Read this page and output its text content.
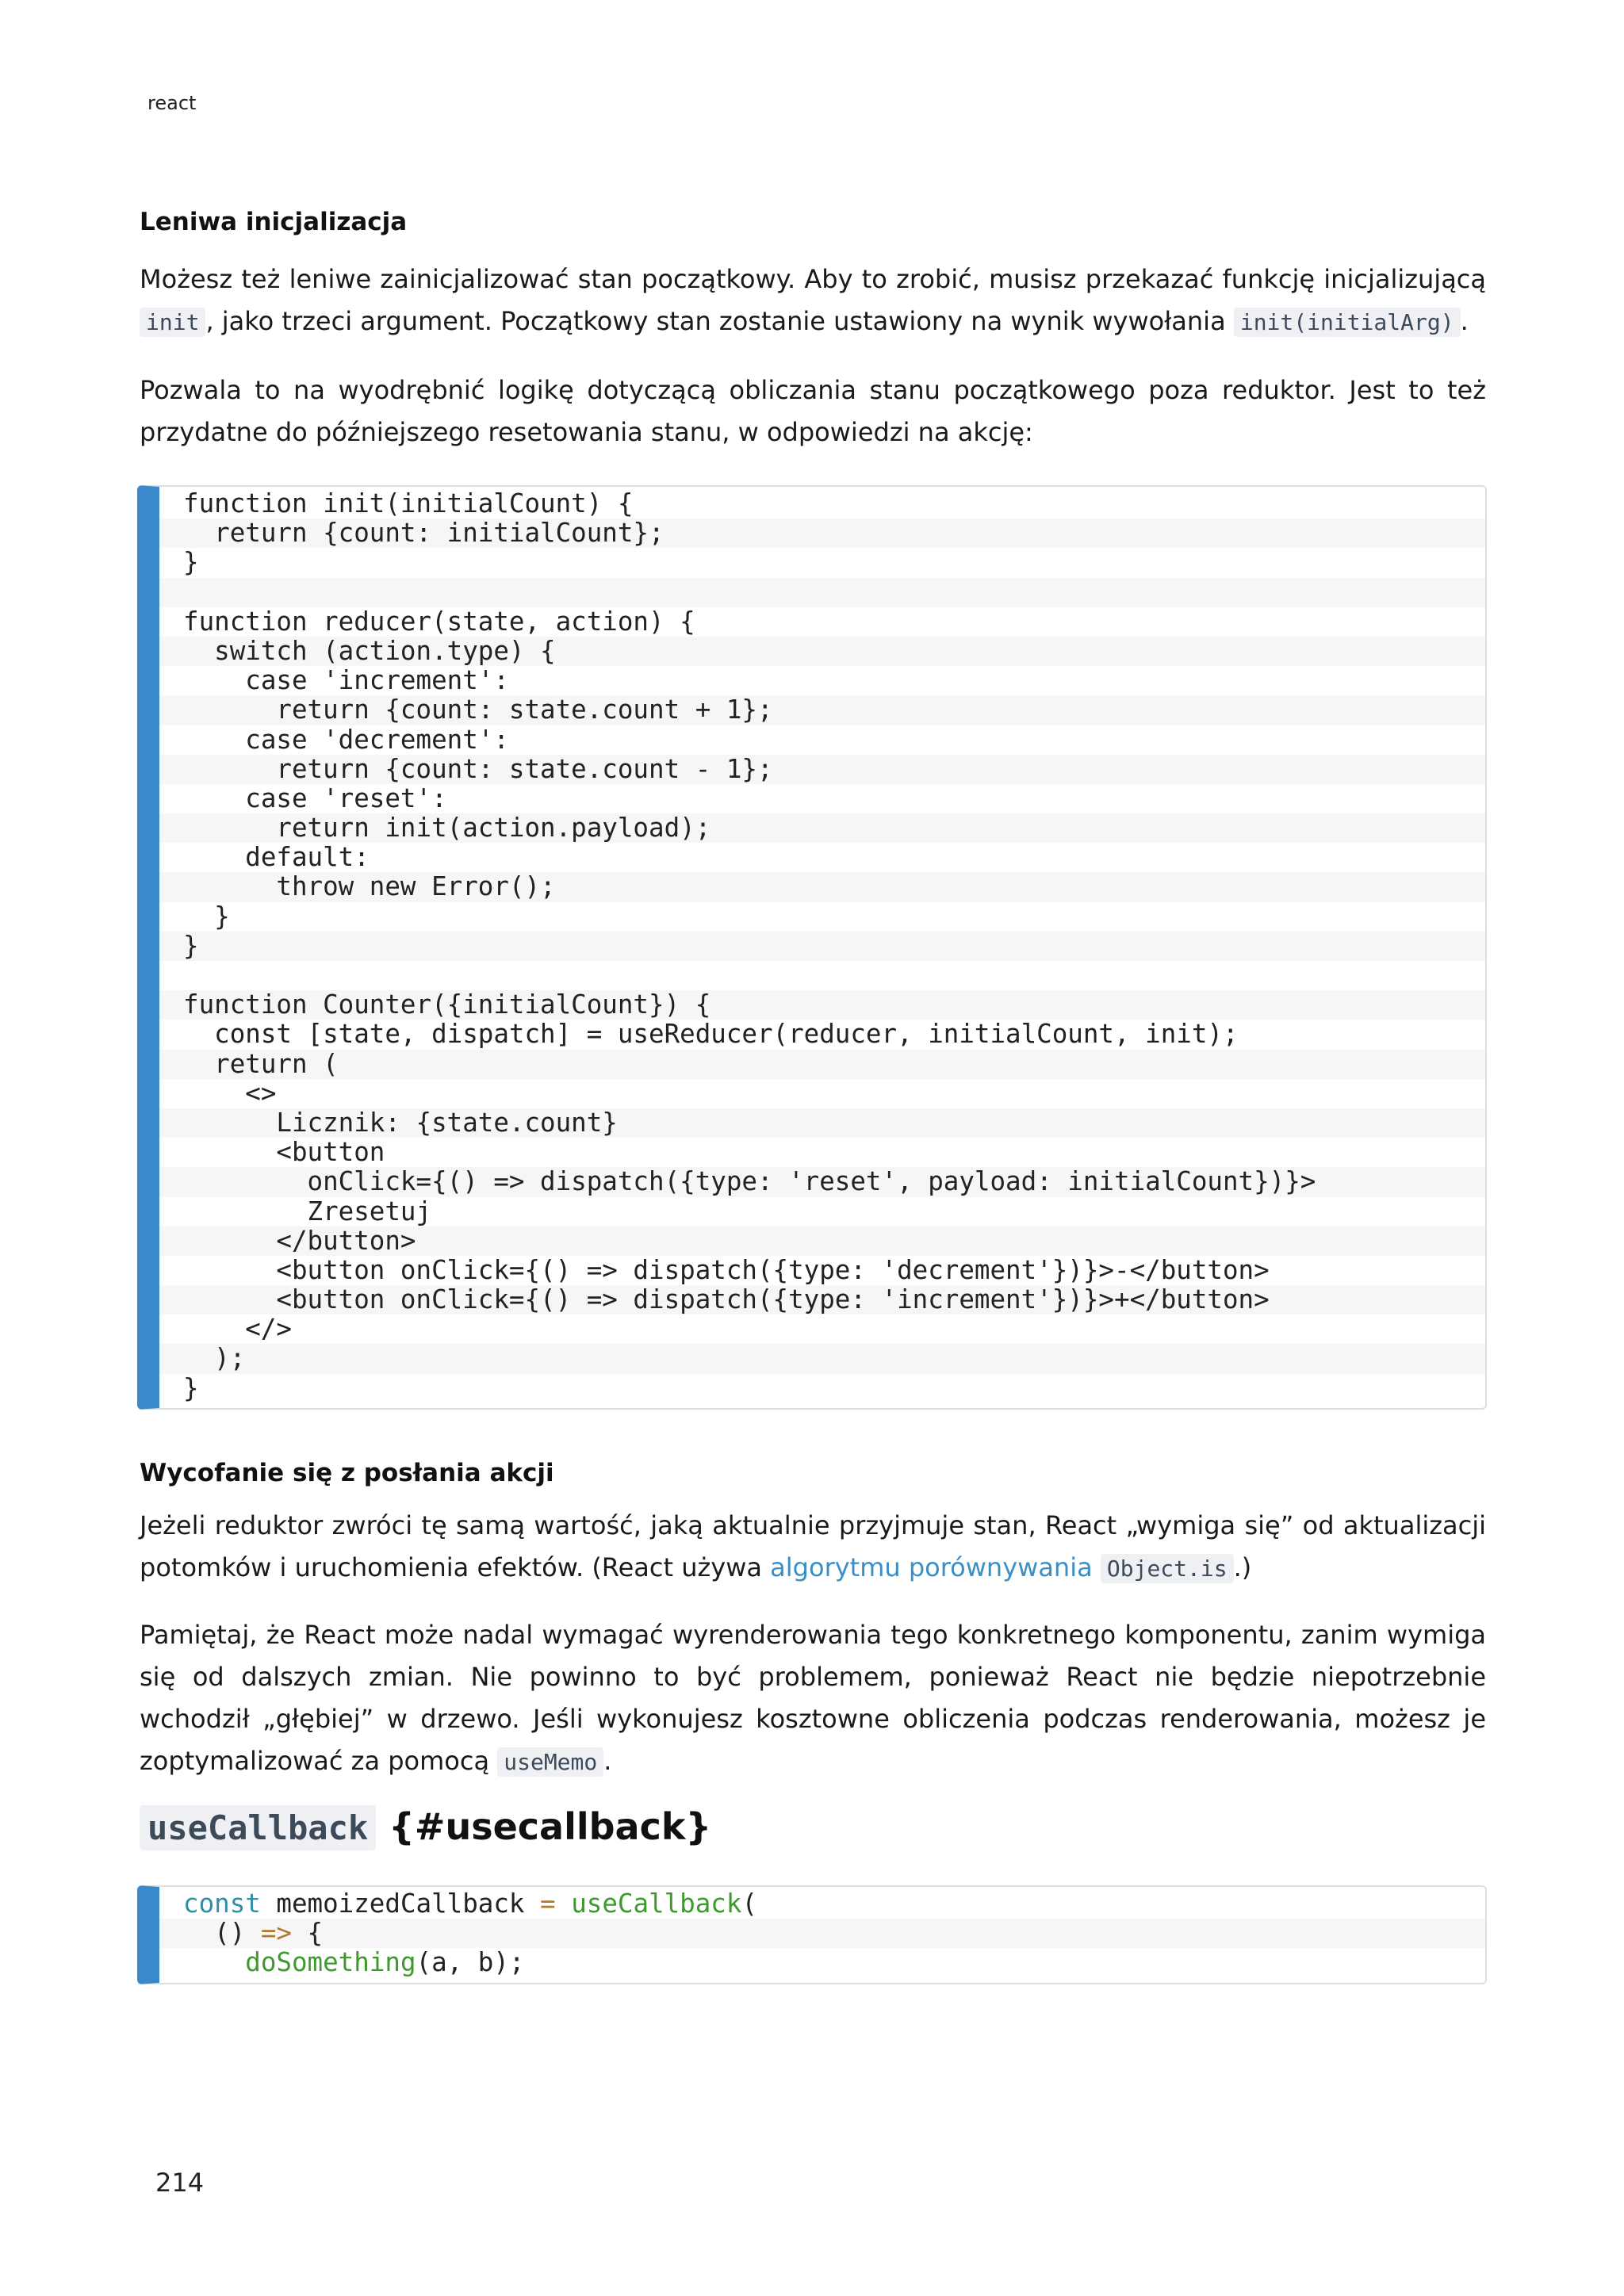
react
Leniwa inicjalizacja

Możesz też leniwe zainicjalizować stan początkowy. Aby to zrobić, musisz przekazać funkcję inicjalizującą init , jako trzeci argument. Początkowy stan zostanie ustawiony na wynik wywołania init(initialArg) .

Pozwala to na wyodrębnić logikę dotyczącą obliczania stanu początkowego poza reduktor. Jest to też przydatne do późniejszego resetowania stanu, w odpowiedzi na akcję:

function init(initialCount) {
return {count: initialCount};
}
function reducer(state, action) {
switch (action.type) {
case 'increment':
return {count: state.count + 1};
case 'decrement':
return {count: state.count - 1};
case 'reset':
return init(action.payload);
default:
throw new Error();
}
}
function Counter({initialCount}) {
const [state, dispatch] = useReducer(reducer, initialCount, init);
return (
<>
Licznik: {state.count}
<button
onClick={() => dispatch({type: 'reset', payload: initialCount})}>
Zresetuj
</button>
<button onClick={() => dispatch({type: 'decrement'})}>-</button>
<button onClick={() => dispatch({type: 'increment'})}>+</button>
</>
);
}
Wycofanie się z posłania akcji

Jeżeli reduktor zwróci tę samą wartość, jaką aktualnie przyjmuje stan, React „wymiga się” od aktualizacji potomków i uruchomienia efektów. (React używa algorytmu porównywania Object.is .)

Pamiętaj, że React może nadal wymagać wyrenderowania tego konkretnego komponentu, zanim wymiga się od dalszych zmian. Nie powinno to być problemem, ponieważ React nie będzie niepotrzebnie wchodził „głębiej” w drzewo. Jeśli wykonujesz kosztowne obliczenia podczas renderowania, możesz je zoptymalizować za pomocą useMemo .

useCallback {#usecallback}
const memoizedCallback = useCallback(
() => {
doSomething(a, b);
214
